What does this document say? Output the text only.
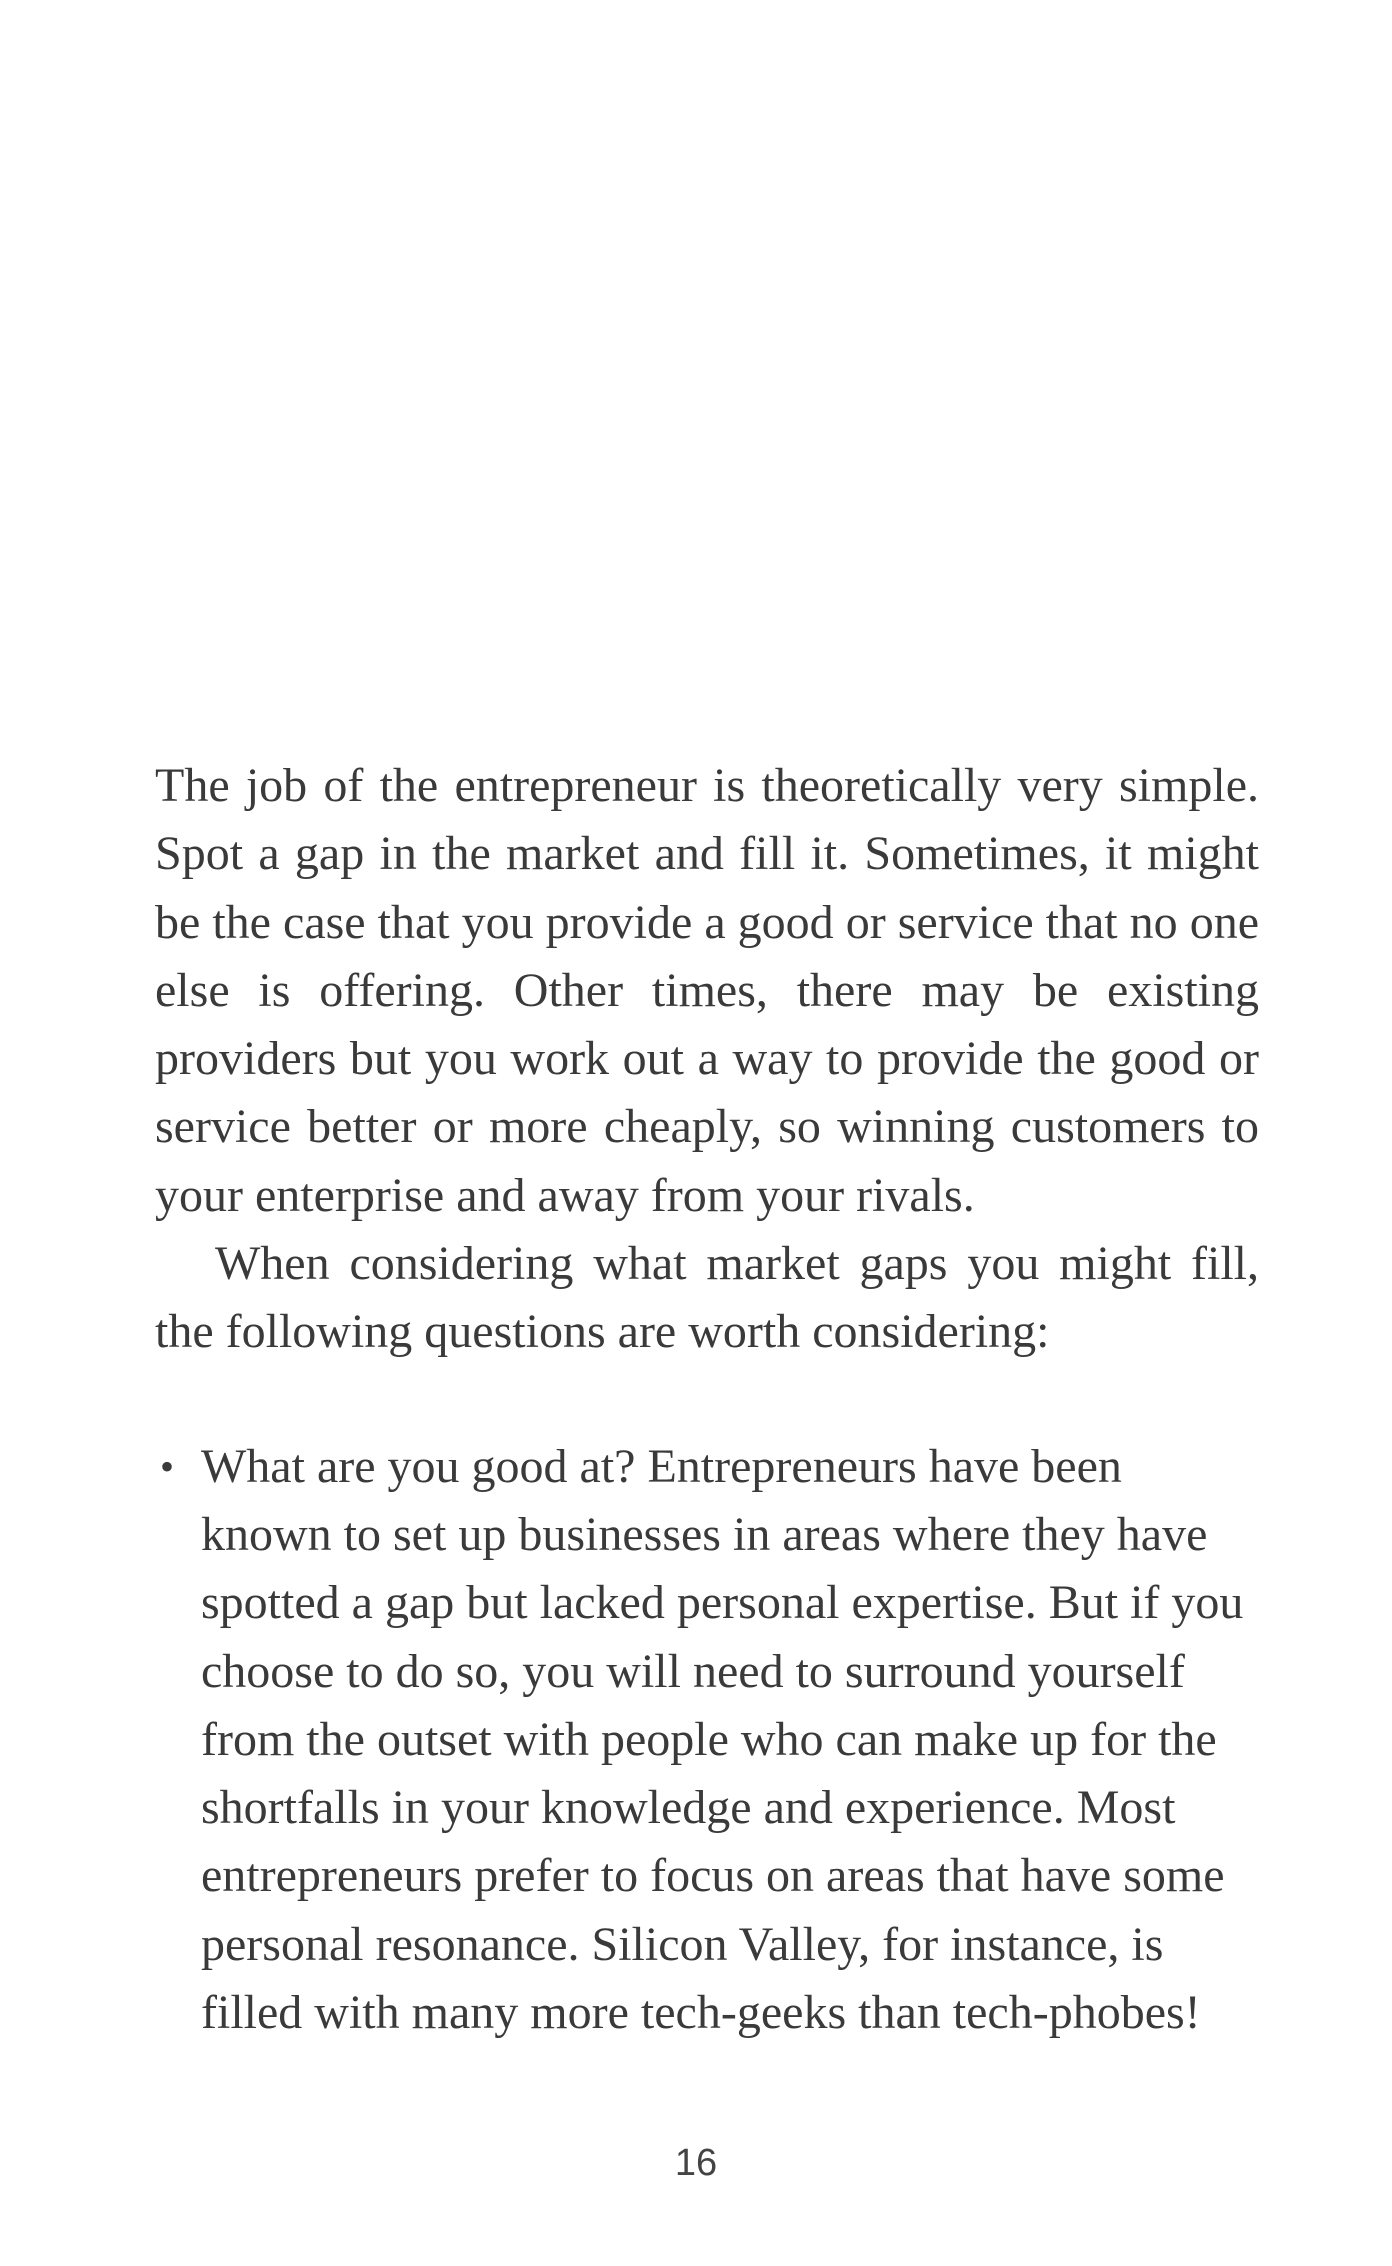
The job of the entrepreneur is theoretically very simple. Spot a gap in the market and fill it. Sometimes, it might be the case that you provide a good or service that no one else is offering. Other times, there may be existing providers but you work out a way to provide the good or service better or more cheaply, so winning customers to your enterprise and away from your rivals.

When considering what market gaps you might fill, the following questions are worth considering:

• What are you good at? Entrepreneurs have been known to set up businesses in areas where they have spotted a gap but lacked personal expertise. But if you choose to do so, you will need to surround yourself from the outset with people who can make up for the shortfalls in your knowledge and experience. Most entrepreneurs prefer to focus on areas that have some personal resonance. Silicon Valley, for instance, is filled with many more tech-geeks than tech-phobes!
16
